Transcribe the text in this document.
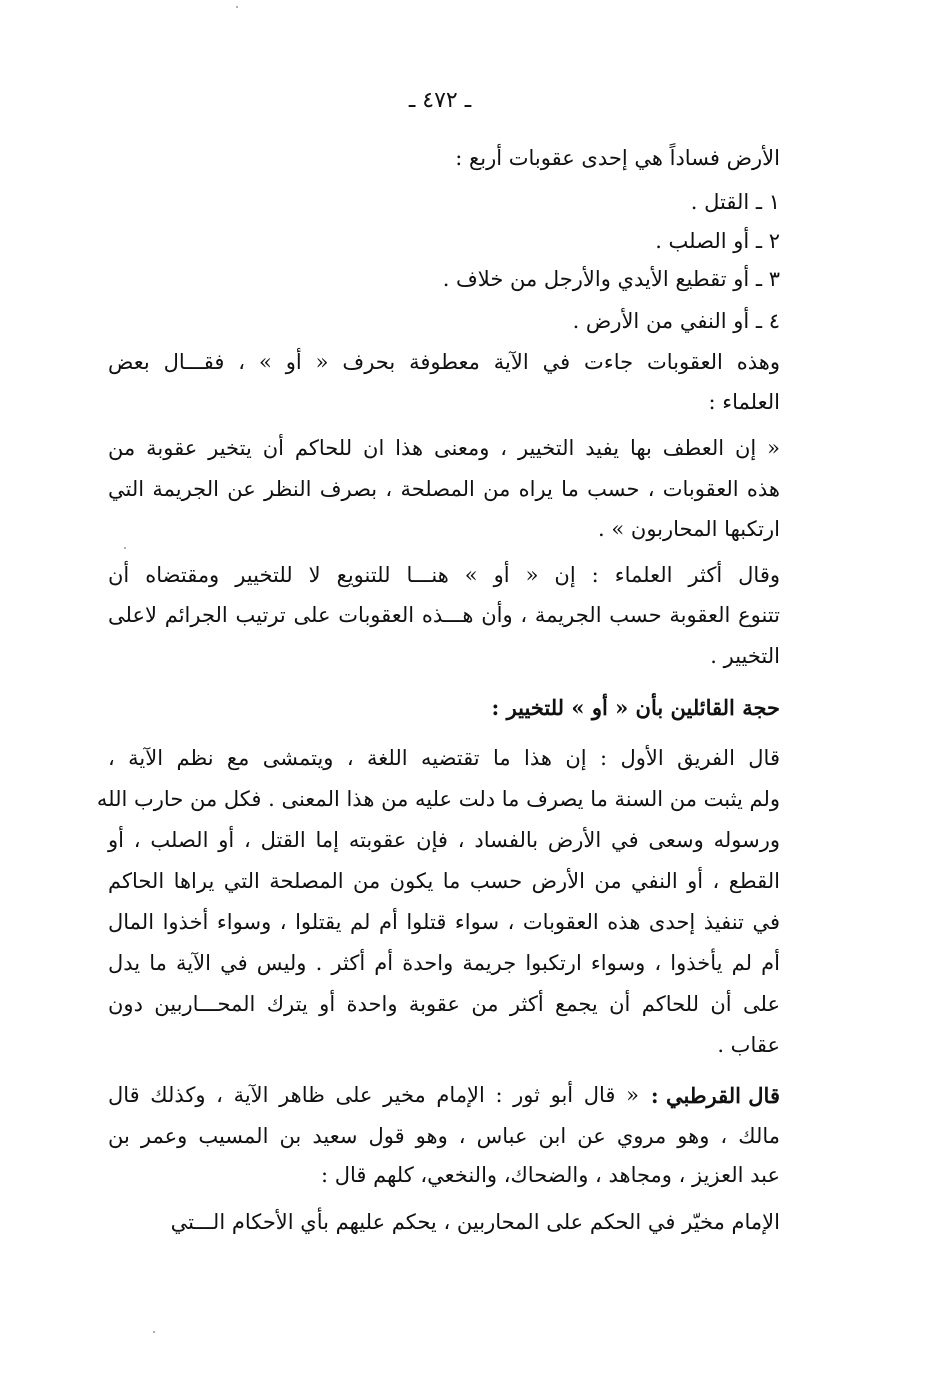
ـ ٤٧٢ ـ
الأرض فساداً هي إحدى عقوبات أربع :
١ ـ القتل .
٢ ـ أو الصلب .
٣ ـ أو تقطيع الأيدي والأرجل من خلاف .
٤ ـ أو النفي من الأرض .
وهذه العقوبات جاءت في الآية معطوفة بحرف « أو » ، فقـــال بعض
العلماء :
« إن العطف بها يفيد التخيير ، ومعنى هذا ان للحاكم أن يتخير عقوبة من
هذه العقوبات ، حسب ما يراه من المصلحة ، بصرف النظر عن الجريمة التي
ارتكبها المحاربون » .
وقال أكثر العلماء : إن « أو » هنـــا للتنويع لا للتخيير ومقتضاه أن
تتنوع العقوبة حسب الجريمة ، وأن هـــذه العقوبات على ترتيب الجرائم لاعلى
التخيير .
حجة القائلين بأن « أو » للتخيير :
قال الفريق الأول : إن هذا ما تقتضيه اللغة ، ويتمشى مع نظم الآية ،
ولم يثبت من السنة ما يصرف ما دلت عليه من هذا المعنى . فكل من حارب الله
ورسوله وسعى في الأرض بالفساد ، فإن عقوبته إما القتل ، أو الصلب ، أو
القطع ، أو النفي من الأرض حسب ما يكون من المصلحة التي يراها الحاكم
في تنفيذ إحدى هذه العقوبات ، سواء قتلوا أم لم يقتلوا ، وسواء أخذوا المال
أم لم يأخذوا ، وسواء ارتكبوا جريمة واحدة أم أكثر . وليس في الآية ما يدل
على أن للحاكم أن يجمع أكثر من عقوبة واحدة أو يترك المحـــاربين دون
عقاب .
قال القرطبي :
« قال أبو ثور : الإمام مخير على ظاهر الآية ، وكذلك قال
مالك ، وهو مروي عن ابن عباس ، وهو قول سعيد بن المسيب وعمر بن
عبد العزيز ، ومجاهد ، والضحاك، والنخعي، كلهم قال :
الإمام مخيّر في الحكم على المحاربين ، يحكم عليهم بأي الأحكام الـــتي
